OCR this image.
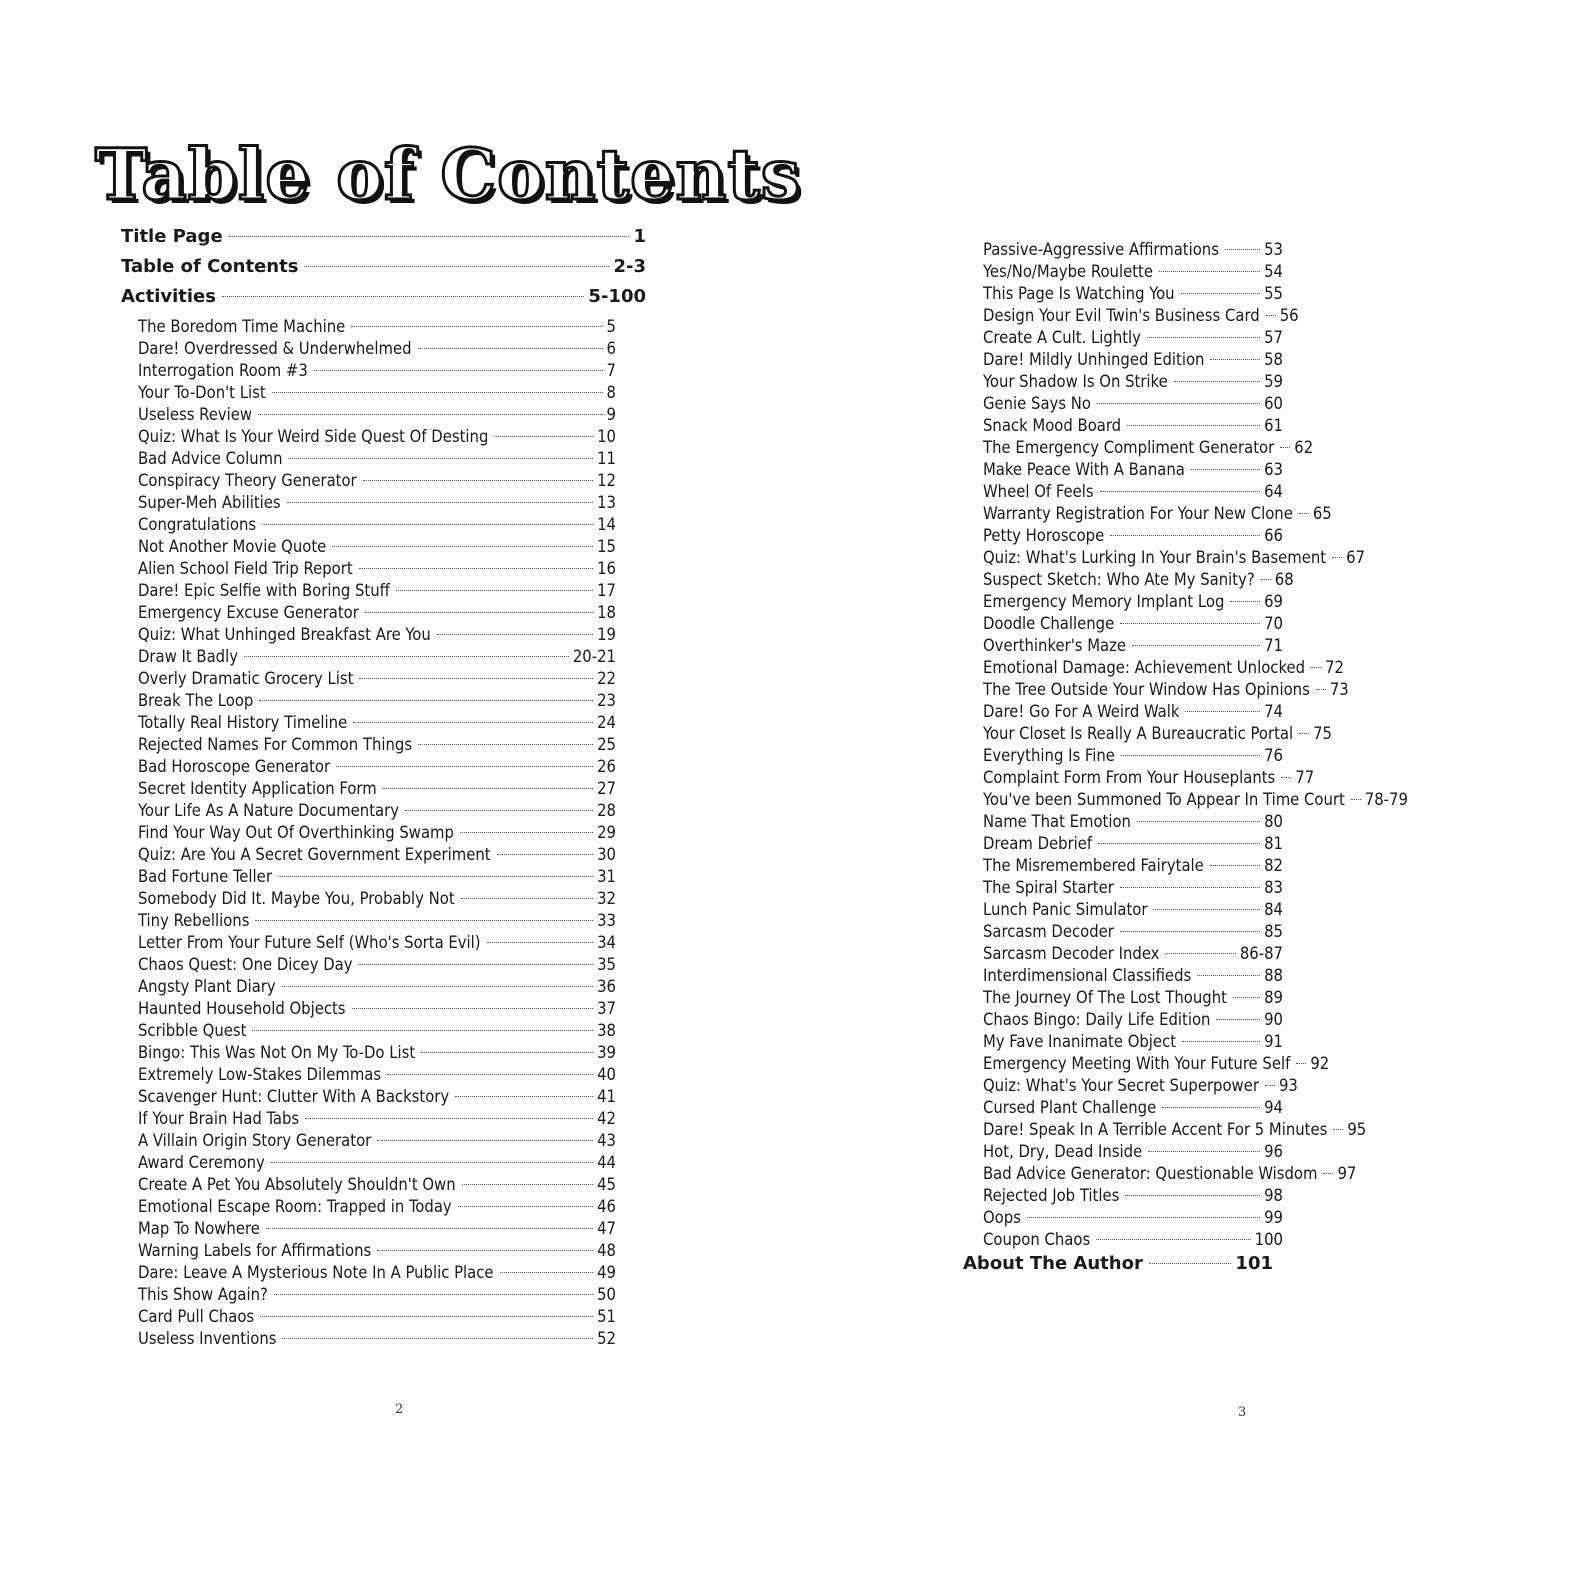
Table of Contents
Title Page	1
Table of Contents	2-3
Activities	5-100
The Boredom Time Machine	5
Dare! Overdressed & Underwhelmed	6
Interrogation Room #3	7
Your To-Don't List	8
Useless Review	9
Quiz: What Is Your Weird Side Quest Of Desting	10
Bad Advice Column	11
Conspiracy Theory Generator	12
Super-Meh Abilities	13
Congratulations	14
Not Another Movie Quote	15
Alien School Field Trip Report	16
Dare! Epic Selfie with Boring Stuff	17
Emergency Excuse Generator	18
Quiz: What Unhinged Breakfast Are You	19
Draw It Badly	20-21
Overly Dramatic Grocery List	22
Break The Loop	23
Totally Real History Timeline	24
Rejected Names For Common Things	25
Bad Horoscope Generator	26
Secret Identity Application Form	27
Your Life As A Nature Documentary	28
Find Your Way Out Of Overthinking Swamp	29
Quiz: Are You A Secret Government Experiment	30
Bad Fortune Teller	31
Somebody Did It. Maybe You, Probably Not	32
Tiny Rebellions	33
Letter From Your Future Self (Who's Sorta Evil)	34
Chaos Quest: One Dicey Day	35
Angsty Plant Diary	36
Haunted Household Objects	37
Scribble Quest	38
Bingo: This Was Not On My To-Do List	39
Extremely Low-Stakes Dilemmas	40
Scavenger Hunt: Clutter With A Backstory	41
If Your Brain Had Tabs	42
A Villain Origin Story Generator	43
Award Ceremony	44
Create A Pet You Absolutely Shouldn't Own	45
Emotional Escape Room: Trapped in Today	46
Map To Nowhere	47
Warning Labels for Affirmations	48
Dare: Leave A Mysterious Note In A Public Place	49
This Show Again?	50
Card Pull Chaos	51
Useless Inventions	52
2
Passive-Aggressive Affirmations	53
Yes/No/Maybe Roulette	54
This Page Is Watching You	55
Design Your Evil Twin's Business Card 56
Create A Cult. Lightly	57
Dare! Mildly Unhinged Edition	58
Your Shadow Is On Strike	59
Genie Says No	60
Snack Mood Board	61
The Emergency Compliment Generator 62
Make Peace With A Banana	63
Wheel Of Feels	64
Warranty Registration For Your New Clone 65
Petty Horoscope	66
Quiz: What's Lurking In Your Brain's Basement 67
Suspect Sketch: Who Ate My Sanity? 68
Emergency Memory Implant Log 69
Doodle Challenge	70
Overthinker's Maze	71
Emotional Damage: Achievement Unlocked 72
The Tree Outside Your Window Has Opinions 73
Dare! Go For A Weird Walk	74
Your Closet Is Really A Bureaucratic Portal 75
Everything Is Fine	76
Complaint Form From Your Houseplants 77
You've been Summoned To Appear In Time Court 78-79
Name That Emotion	80
Dream Debrief	81
The Misremembered Fairytale	82
The Spiral Starter	83
Lunch Panic Simulator	84
Sarcasm Decoder	85
Sarcasm Decoder Index	86-87
Interdimensional Classifieds	88
The Journey Of The Lost Thought 89
Chaos Bingo: Daily Life Edition	90
My Fave Inanimate Object	91
Emergency Meeting With Your Future Self 92
Quiz: What's Your Secret Superpower 93
Cursed Plant Challenge	94
Dare! Speak In A Terrible Accent For 5 Minutes 95
Hot, Dry, Dead Inside	96
Bad Advice Generator: Questionable Wisdom 97
Rejected Job Titles	98
Oops	99
Coupon Chaos	100
About The Author	101
3
